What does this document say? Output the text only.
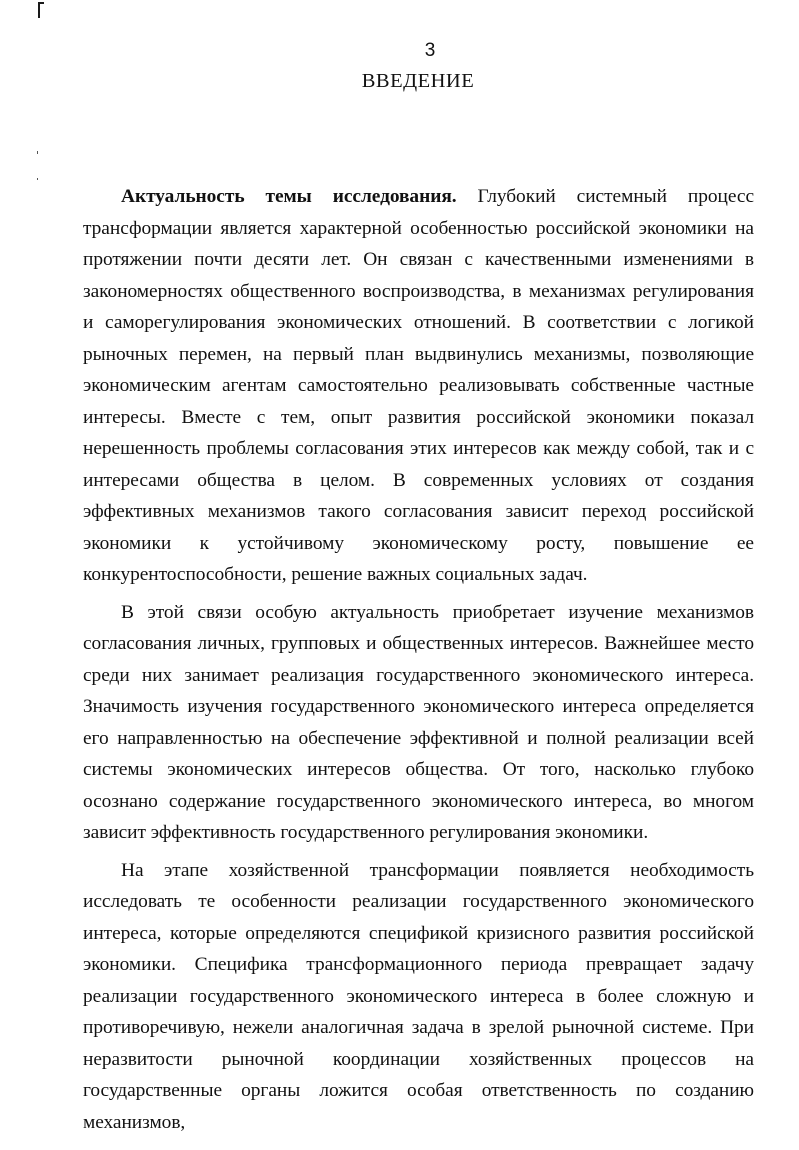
3
ВВЕДЕНИЕ

Актуальность темы исследования. Глубокий системный процесс трансформации является характерной особенностью российской экономики на протяжении почти десяти лет. Он связан с качественными изменениями в закономерностях общественного воспроизводства, в механизмах регулирования и саморегулирования экономических отношений. В соответствии с логикой рыночных перемен, на первый план выдвинулись механизмы, позволяющие экономическим агентам самостоятельно реализовывать собственные частные интересы. Вместе с тем, опыт развития российской экономики показал нерешенность проблемы согласования этих интересов как между собой, так и с интересами общества в целом. В современных условиях от создания эффективных механизмов такого согласования зависит переход российской экономики к устойчивому экономическому росту, повышение ее конкурентоспособности, решение важных социальных задач.

В этой связи особую актуальность приобретает изучение механизмов согласования личных, групповых и общественных интересов. Важнейшее место среди них занимает реализация государственного экономического интереса. Значимость изучения государственного экономического интереса определяется его направленностью на обеспечение эффективной и полной реализации всей системы экономических интересов общества. От того, насколько глубоко осознано содержание государственного экономического интереса, во многом зависит эффективность государственного регулирования экономики.

На этапе хозяйственной трансформации появляется необходимость исследовать те особенности реализации государственного экономического интереса, которые определяются спецификой кризисного развития российской экономики. Специфика трансформационного периода превращает задачу реализации государственного экономического интереса в более сложную и противоречивую, нежели аналогичная задача в зрелой рыночной системе. При неразвитости рыночной координации хозяйственных процессов на государственные органы ложится особая ответственность по созданию механизмов,
